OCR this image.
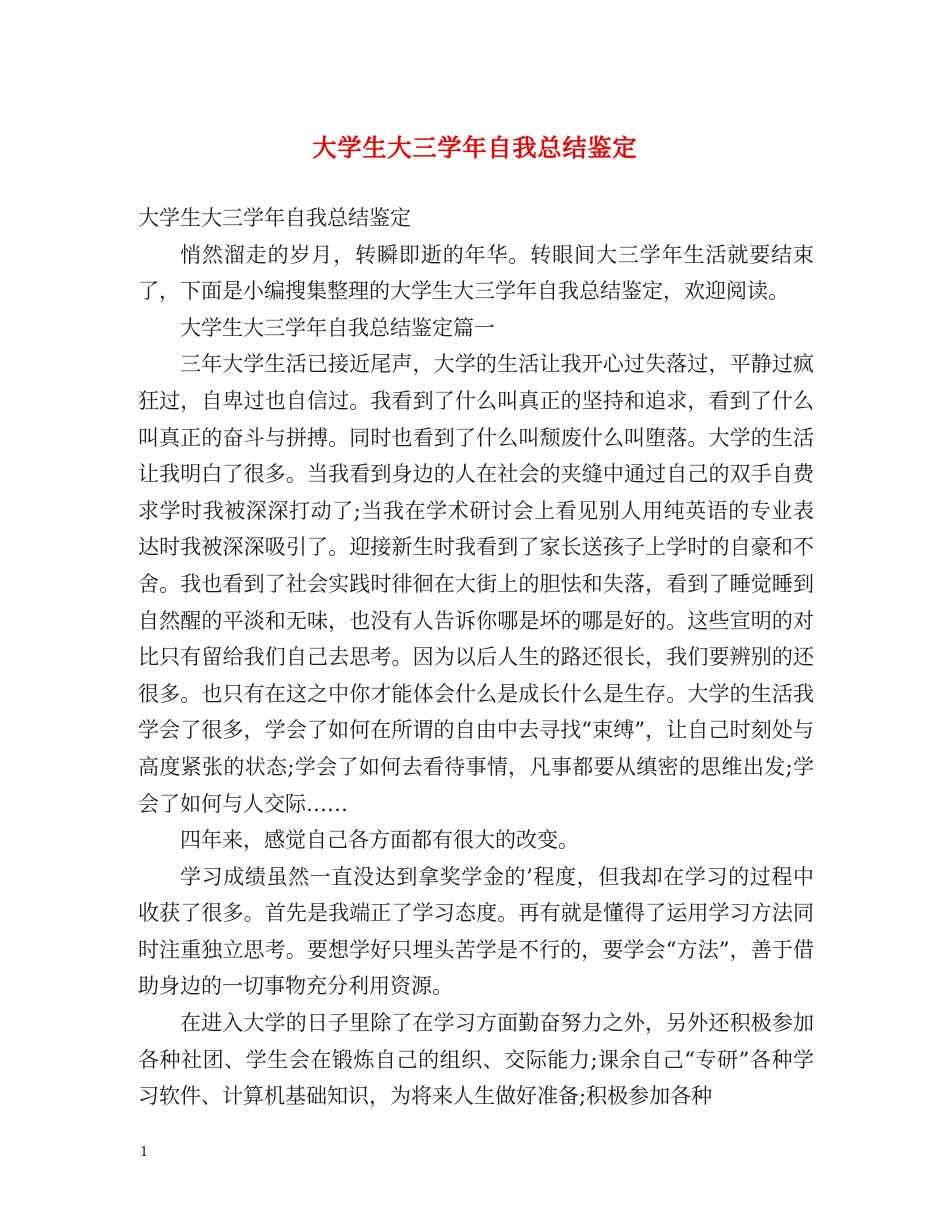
大学生大三学年自我总结鉴定

大学生大三学年自我总结鉴定

悄然溜走的岁月，转瞬即逝的年华。转眼间大三学年生活就要结束了，下面是小编搜集整理的大学生大三学年自我总结鉴定，欢迎阅读。

大学生大三学年自我总结鉴定篇一

三年大学生活已接近尾声，大学的生活让我开心过失落过，平静过疯狂过，自卑过也自信过。我看到了什么叫真正的坚持和追求，看到了什么叫真正的奋斗与拼搏。同时也看到了什么叫颓废什么叫堕落。大学的生活让我明白了很多。当我看到身边的人在社会的夹缝中通过自己的双手自费求学时我被深深打动了;当我在学术研讨会上看见别人用纯英语的专业表达时我被深深吸引了。迎接新生时我看到了家长送孩子上学时的自豪和不舍。我也看到了社会实践时徘徊在大街上的胆怯和失落，看到了睡觉睡到自然醒的平淡和无味，也没有人告诉你哪是坏的哪是好的。这些宣明的对比只有留给我们自己去思考。因为以后人生的路还很长，我们要辨别的还很多。也只有在这之中你才能体会什么是成长什么是生存。大学的生活我学会了很多，学会了如何在所谓的自由中去寻找“束缚”，让自己时刻处与高度紧张的状态;学会了如何去看待事情，凡事都要从缜密的思维出发;学会了如何与人交际……

四年来，感觉自己各方面都有很大的改变。

学习成绩虽然一直没达到拿奖学金的’程度，但我却在学习的过程中收获了很多。首先是我端正了学习态度。再有就是懂得了运用学习方法同时注重独立思考。要想学好只埋头苦学是不行的，要学会“方法”，善于借助身边的一切事物充分利用资源。

在进入大学的日子里除了在学习方面勤奋努力之外，另外还积极参加各种社团、学生会在锻炼自己的组织、交际能力;课余自己“专研”各种学习软件、计算机基础知识，为将来人生做好准备;积极参加各种

1
